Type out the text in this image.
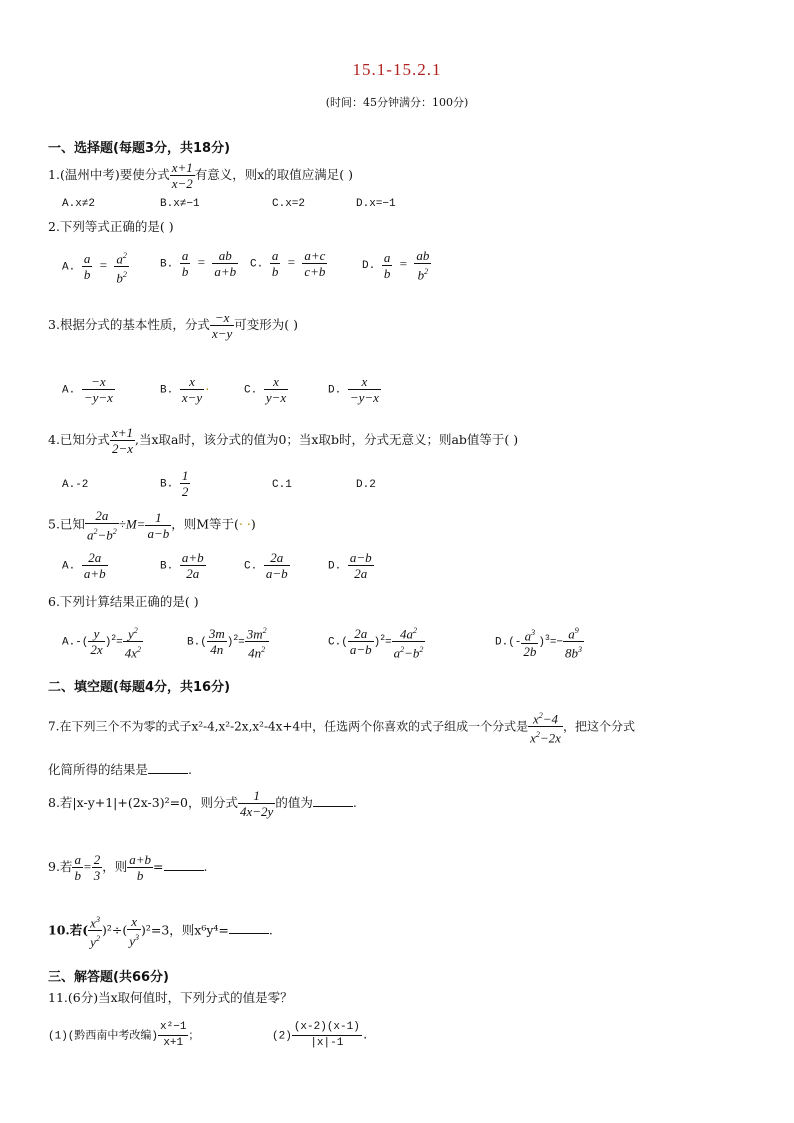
15.1-15.2.1
(时间：45分钟满分：100分)
一、选择题(每题3分，共18分)
1.(温州中考)要使分式 $\frac{x+1}{x-2}$ 有意义，则x的取值应满足( )
A.x≠2	B.x≠−1	C.x=2	D.x=−1
2.下列等式正确的是( )
A. $\frac{a}{b} = \frac{a^2}{b^2}$	B. $\frac{a}{b} = \frac{ab}{a+b} C$. $\frac{a}{b} = \frac{a+c}{c+b}$	D. $\frac{a}{b} = \frac{ab}{b^2}$
3.根据分式的基本性质，分式 $\frac{-x}{x-y}$ 可变形为( )
A. $\frac{-x}{-y-x}$	B. $\frac{x}{x-y}$ ·	C. $\frac{x}{y-x}$	D. $\frac{x}{-y-x}$
4.已知分式 $\frac{x+1}{2-x}$ ,当x取a时，该分式的值为0；当x取b时，分式无意义；则ab值等于( )
A.-2	B. $\frac{1}{2}$	C.1	D.2
5.已知 $\frac{2a}{a^2-b^2} \div M= \frac{1}{a-b}$ ，则M等于(· ·)
A. $\frac{2a}{a+b}$	B. $\frac{a+b}{2a}$	C. $\frac{2a}{a-b}$	D. $\frac{a-b}{2a}$
6.下列计算结果正确的是( )
$A.-( \frac{y}{2x} )^2= \frac{y^2}{4x^2}$	$B.( \frac{3m}{4n} )^2= \frac{3m^2}{4n^2}$	$C.( \frac{2a}{a-b} )^2= \frac{4a^2}{a^2-b^2}$	$D.(- \frac{a^3}{2b} )^3=- \frac{a^9}{8b^3}$
二、填空题(每题4分，共16分)
7.在下列三个不为零的式子x²-4,x²-2x,x²-4x+4中，任选两个你喜欢的式子组成一个分式是 $\frac{x^2-4}{x^2-2x}$ ，把这个分式
化简所得的结果是	.
8.若|x-y+1|+(2x-3)²=0，则分式 $\frac{1}{4x-2y}$ 的值为	.
9.若 $\frac{a}{b} = \frac{2}{3}$ ，则 $\frac{a+b}{b}$ =	.
10.若( $\frac{x^3}{y^2} )^2\div( \frac{x}{y^3} )^2=3$，则x⁶y⁴=	.
三、解答题(共66分)
11.(6分)当x取何值时，下列分式的值是零？
(1)(黔西南中考改编) $\frac{\text{x²−1}}{x+1}$ ；	$(2) \frac{(x-2)(x-1)}{|x|-1}$ .
